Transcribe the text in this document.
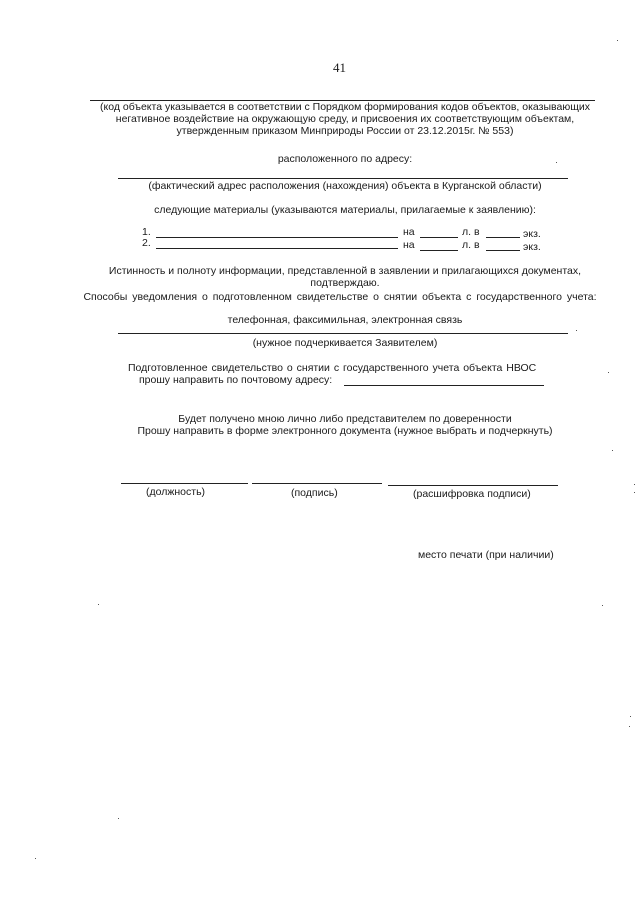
41
(код объекта указывается в соответствии с Порядком формирования кодов объектов, оказывающих
негативное воздействие на окружающую среду, и присвоения их соответствующим объектам,
утвержденным приказом Минприроды России от 23.12.2015г. № 553)
расположенного по адресу:
(фактический адрес расположения (нахождения) объекта в Курганской области)
следующие материалы (указываются материалы, прилагаемые к заявлению):
1.	на	л. в	экз.
2.	на	л. в	экз.
Истинность и полноту информации, представленной в заявлении и прилагающихся документах,
подтверждаю.
Способы уведомления о подготовленном свидетельстве о снятии объекта с государственного учета:
телефонная, факсимильная, электронная связь
(нужное подчеркивается Заявителем)
Подготовленное свидетельство о снятии с государственного учета объекта НВОС
прошу направить по почтовому адресу:
Будет получено мною лично либо представителем по доверенности
Прошу направить в форме электронного документа (нужное выбрать и подчеркнуть)
(должность)	(подпись)	(расшифровка подписи)
место печати (при наличии)
